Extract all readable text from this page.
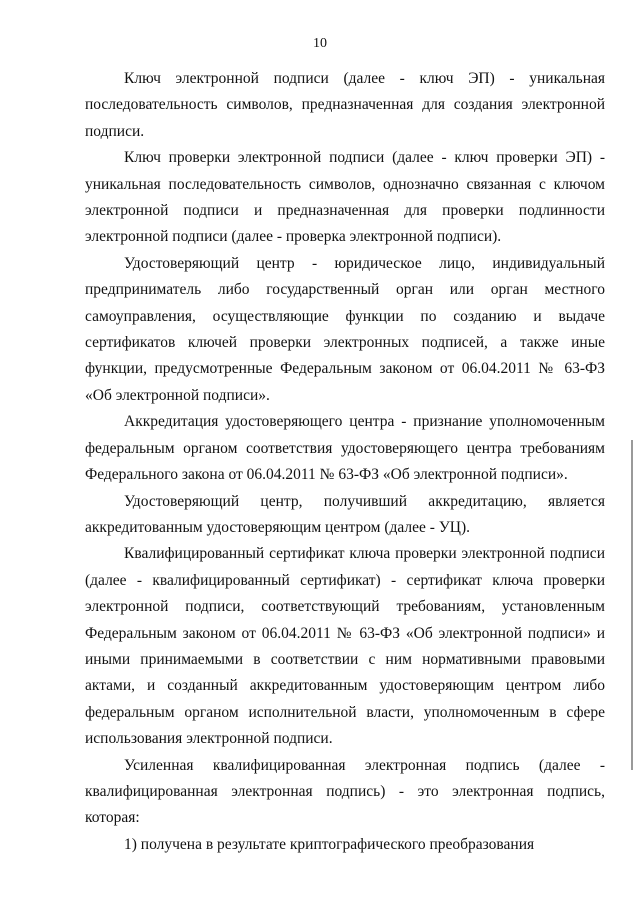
10

Ключ электронной подписи (далее - ключ ЭП) - уникальная последовательность символов, предназначенная для создания электронной подписи.

Ключ проверки электронной подписи (далее - ключ проверки ЭП) - уникальная последовательность символов, однозначно связанная с ключом электронной подписи и предназначенная для проверки подлинности электронной подписи (далее - проверка электронной подписи).

Удостоверяющий центр - юридическое лицо, индивидуальный предприниматель либо государственный орган или орган местного самоуправления, осуществляющие функции по созданию и выдаче сертификатов ключей проверки электронных подписей, а также иные функции, предусмотренные Федеральным законом от 06.04.2011 № 63-ФЗ «Об электронной подписи».

Аккредитация удостоверяющего центра - признание уполномоченным федеральным органом соответствия удостоверяющего центра требованиям Федерального закона от 06.04.2011 № 63-ФЗ «Об электронной подписи».

Удостоверяющий центр, получивший аккредитацию, является аккредитованным удостоверяющим центром (далее - УЦ).

Квалифицированный сертификат ключа проверки электронной подписи (далее - квалифицированный сертификат) - сертификат ключа проверки электронной подписи, соответствующий требованиям, установленным Федеральным законом от 06.04.2011 № 63-ФЗ «Об электронной подписи» и иными принимаемыми в соответствии с ним нормативными правовыми актами, и созданный аккредитованным удостоверяющим центром либо федеральным органом исполнительной власти, уполномоченным в сфере использования электронной подписи.

Усиленная квалифицированная электронная подпись (далее - квалифицированная электронная подпись) - это электронная подпись, которая:

1) получена в результате криптографического преобразования
